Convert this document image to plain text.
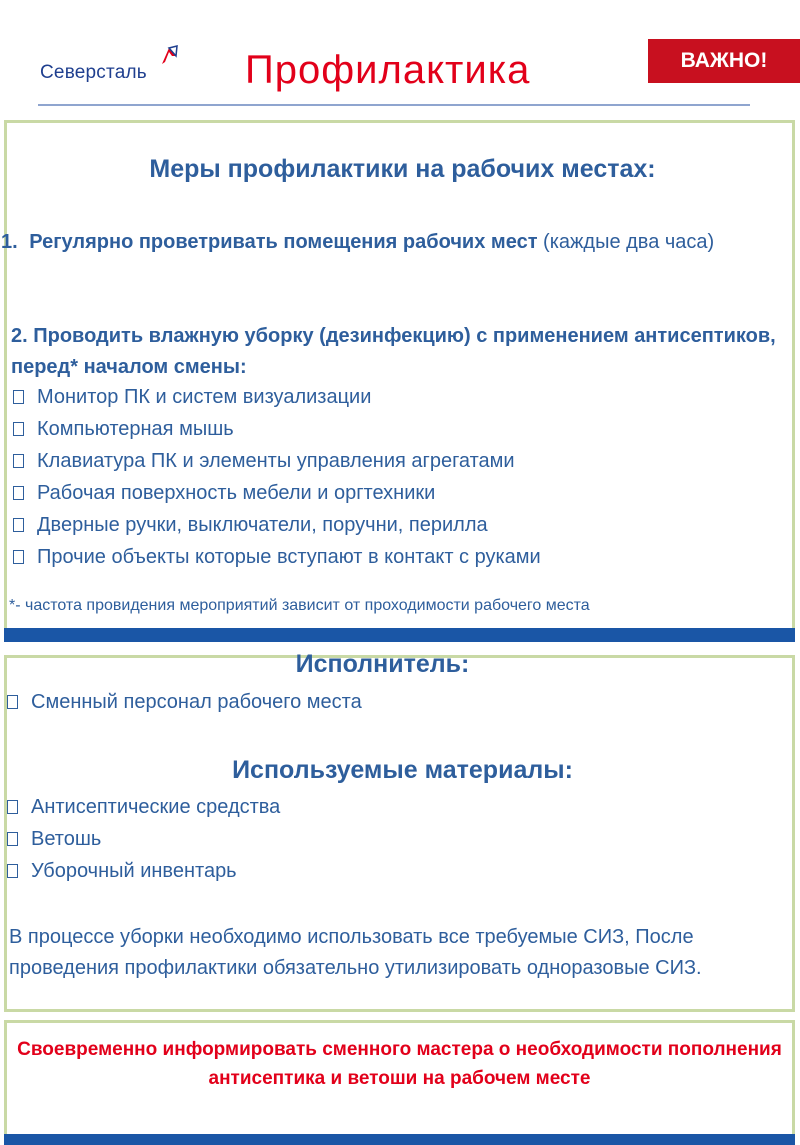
Северсталь Профилактика	ВАЖНО!
Меры профилактики на рабочих местах:
1. Регулярно проветривать помещения рабочих мест (каждые два часа)
2. Проводить влажную уборку (дезинфекцию) с применением антисептиков, перед* началом смены:
Монитор ПК и систем визуализации
Компьютерная мышь
Клавиатура ПК и элементы управления агрегатами
Рабочая поверхность мебели и оргтехники
Дверные ручки, выключатели, поручни, перилла
Прочие объекты которые вступают в контакт с руками
*- частота провидения мероприятий зависит от проходимости рабочего места
Исполнитель:
Сменный персонал рабочего места
Используемые материалы:
Антисептические средства
Ветошь
Уборочный инвентарь
В процессе уборки необходимо использовать все требуемые СИЗ, После проведения профилактики обязательно утилизировать одноразовые СИЗ.
Своевременно информировать сменного мастера о необходимости пополнения антисептика и ветоши на рабочем месте
